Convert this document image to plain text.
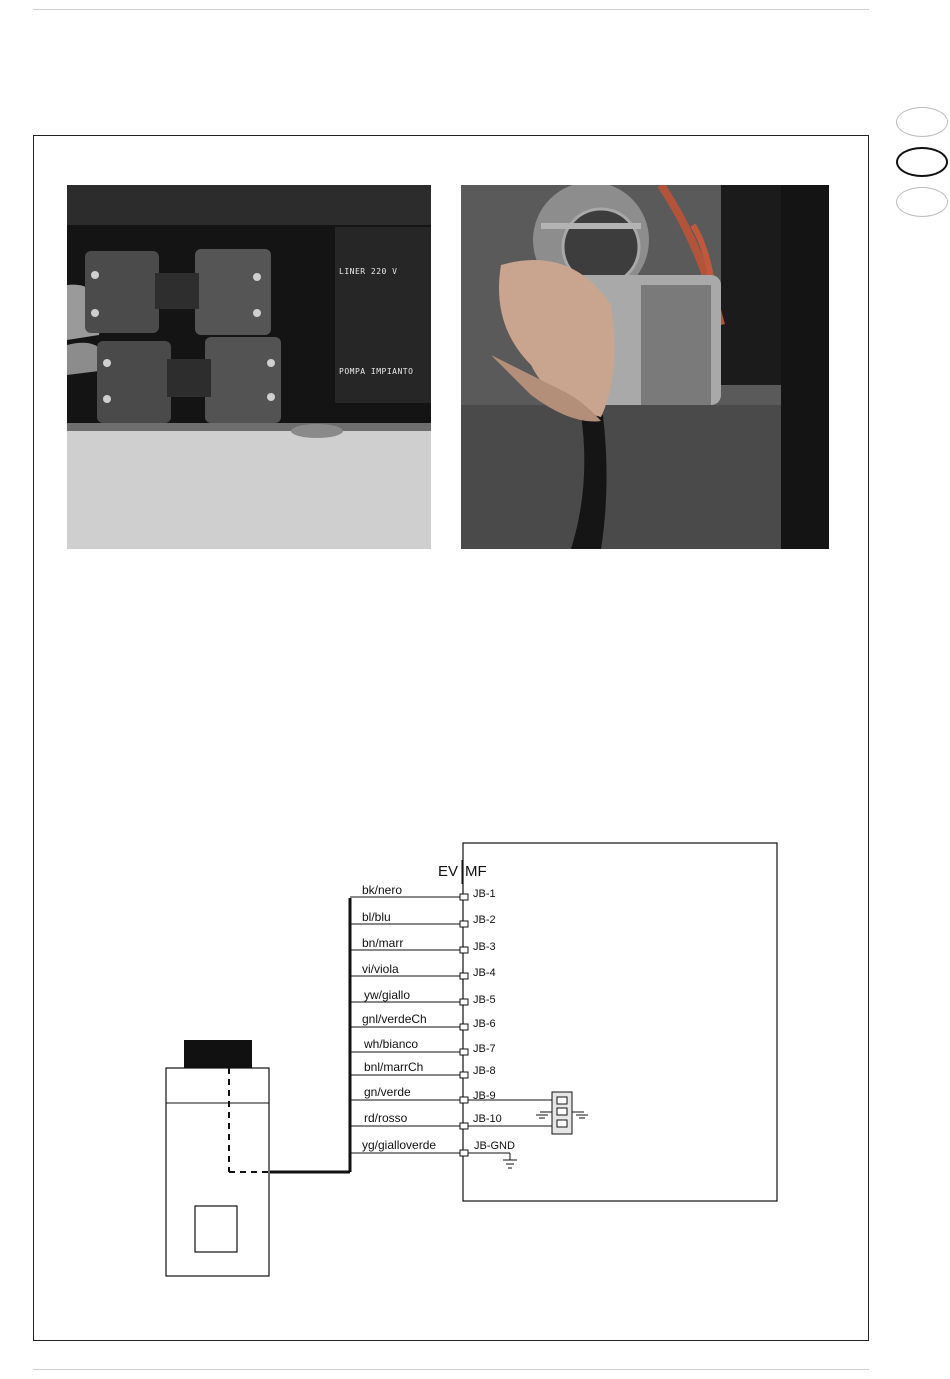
LINER 220 V
POMPA IMPIANTO
EV MF
bk/nero	JB-1
bl/blu	JB-2
bn/marr	JB-3
vi/viola	JB-4
yw/giallo	JB-5
gnl/verdeCh	JB-6
wh/bianco	JB-7
bnl/marrCh	JB-8
gn/verde	JB-9
rd/rosso	JB-10
yg/gialloverde	JB-GND
